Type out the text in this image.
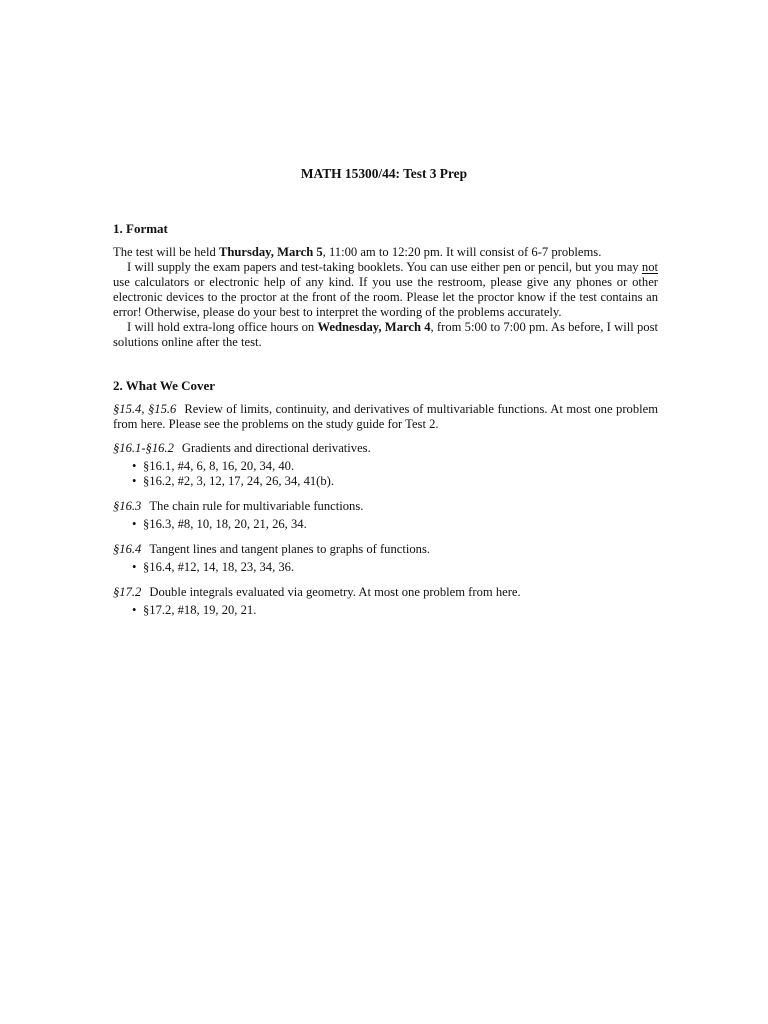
MATH 15300/44: Test 3 Prep
1. Format

The test will be held Thursday, March 5, 11:00 am to 12:20 pm. It will consist of 6-7 problems.

I will supply the exam papers and test-taking booklets. You can use either pen or pencil, but you may not use calculators or electronic help of any kind. If you use the restroom, please give any phones or other electronic devices to the proctor at the front of the room. Please let the proctor know if the test contains an error! Otherwise, please do your best to interpret the wording of the problems accurately.

I will hold extra-long office hours on Wednesday, March 4, from 5:00 to 7:00 pm. As before, I will post solutions online after the test.

2. What We Cover

§15.4, §15.6 Review of limits, continuity, and derivatives of multivariable functions. At most one problem from here. Please see the problems on the study guide for Test 2.

§16.1-§16.2 Gradients and directional derivatives.

• §16.1, #4, 6, 8, 16, 20, 34, 40.
• §16.2, #2, 3, 12, 17, 24, 26, 34, 41(b).

§16.3 The chain rule for multivariable functions.

• §16.3, #8, 10, 18, 20, 21, 26, 34.

§16.4 Tangent lines and tangent planes to graphs of functions.

• §16.4, #12, 14, 18, 23, 34, 36.

§17.2 Double integrals evaluated via geometry. At most one problem from here.

• §17.2, #18, 19, 20, 21.
